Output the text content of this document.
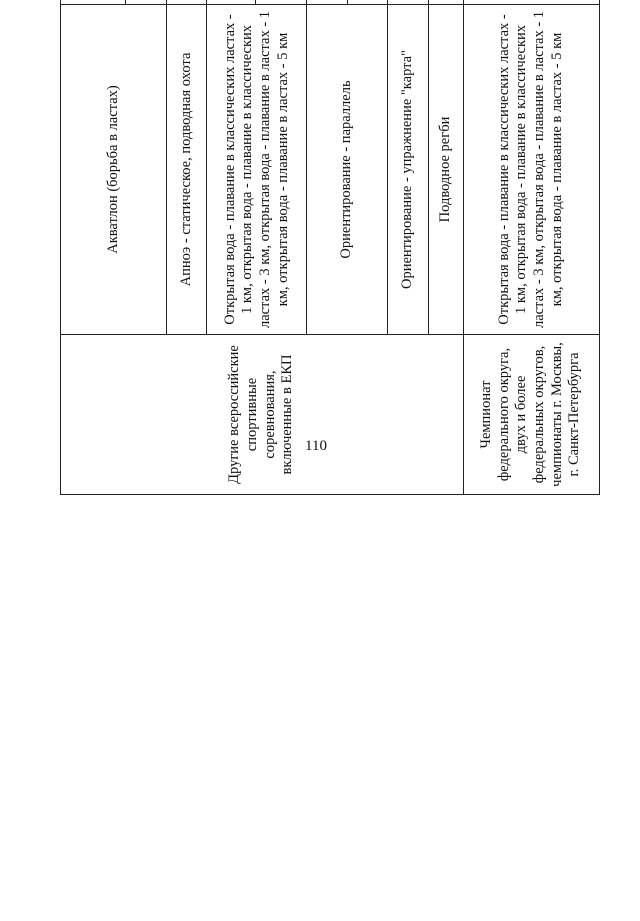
110
Другие всероссийские спортивные соревнования, включенные в ЕКП	Акватлон (борьба в ластах)			

	Апноэ - статическое, подводная охота			
	Открытая вода - плавание в классических ластах - 1 км, открытая вода - плавание в классических ластах - 3 км, открытая вода - плавание в ластах - 1 км, открытая вода - плавание в ластах - 5 км			

	Ориентирование - параллель			

	Ориентирование - упражнение "карта"			
	Подводное регби			
Чемпионат федерального округа, двух и более федеральных округов, чемпионаты г. Москвы, г. Санкт-Петербурга	Открытая вода - плавание в классических ластах - 1 км, открытая вода - плавание в классических ластах - 3 км, открытая вода - плавание в ластах - 1 км, открытая вода - плавание в ластах - 5 км			
